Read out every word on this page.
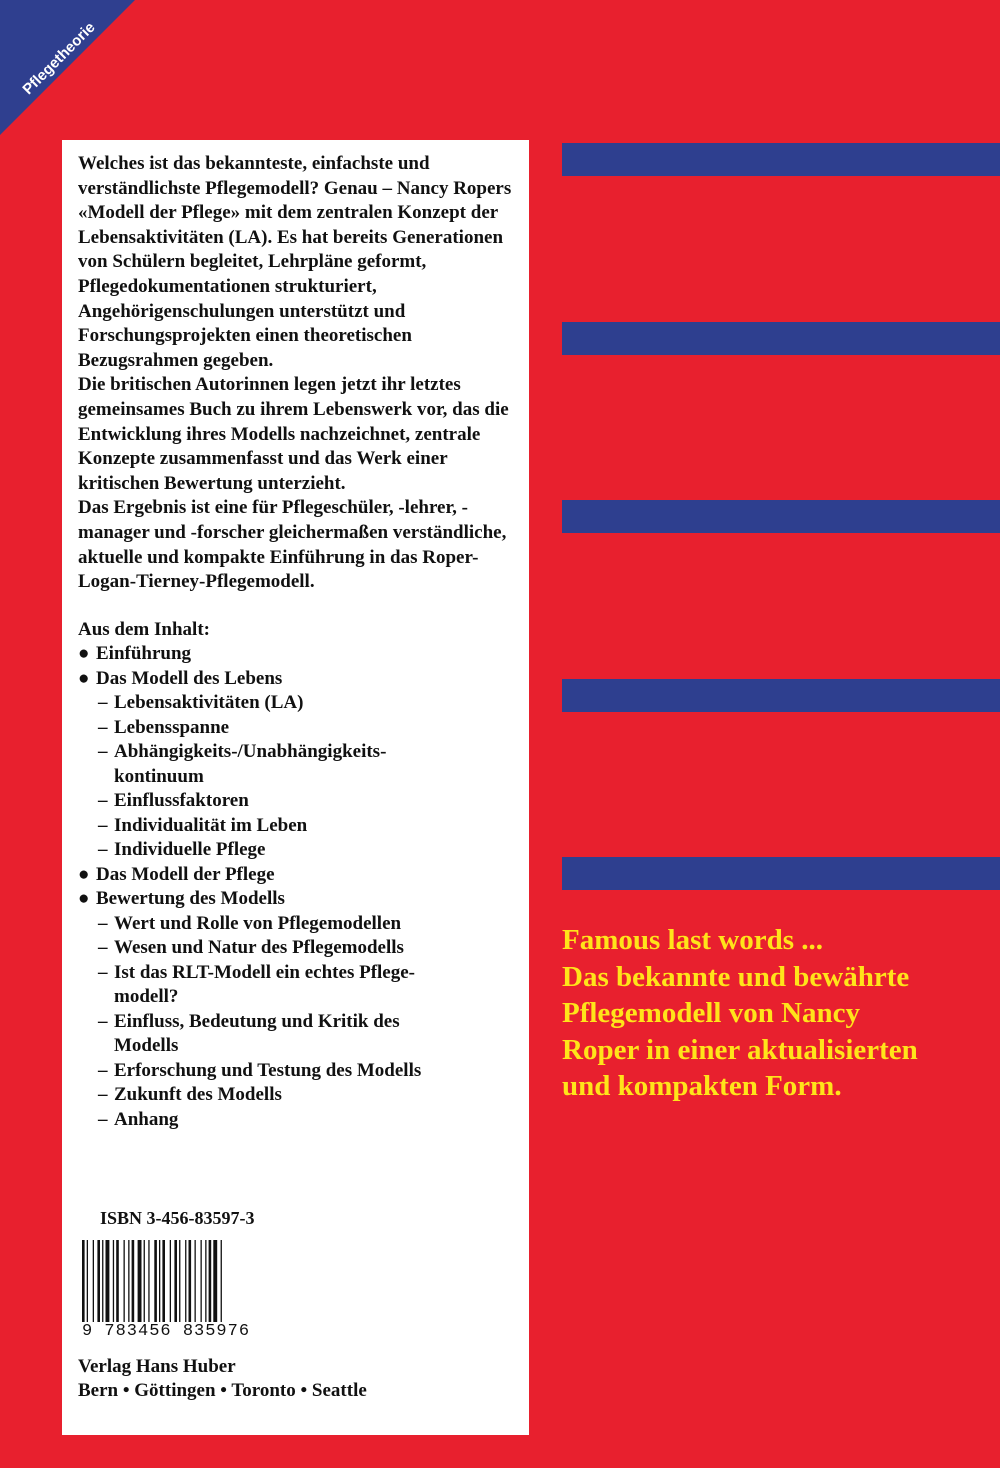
Pflegetheorie

Welches ist das bekannteste, einfachste und verständlichste Pflegemodell? Genau – Nancy Ropers «Modell der Pflege» mit dem zentralen Konzept der Lebensaktivitäten (LA). Es hat bereits Generationen von Schülern begleitet, Lehrpläne geformt, Pflegedokumentationen strukturiert, Angehörigenschulungen unterstützt und Forschungsprojekten einen theoretischen Bezugsrahmen gegeben.

Die britischen Autorinnen legen jetzt ihr letztes gemeinsames Buch zu ihrem Lebenswerk vor, das die Entwicklung ihres Modells nachzeichnet, zentrale Konzepte zusammenfasst und das Werk einer kritischen Bewertung unterzieht.

Das Ergebnis ist eine für Pflegeschüler, -lehrer, -manager und -forscher gleichermaßen verständliche, aktuelle und kompakte Einführung in das Roper-Logan-Tierney-Pflegemodell.

Aus dem Inhalt:
● Einführung
● Das Modell des Lebens
– Lebensaktivitäten (LA)
– Lebensspanne
– Abhängigkeits-/Unabhängigkeits-kontinuum
– Einflussfaktoren
– Individualität im Leben
– Individuelle Pflege
● Das Modell der Pflege
● Bewertung des Modells
– Wert und Rolle von Pflegemodellen
– Wesen und Natur des Pflegemodells
– Ist das RLT-Modell ein echtes Pflege-modell?
– Einfluss, Bedeutung und Kritik des Modells
– Erforschung und Testung des Modells
– Zukunft des Modells
– Anhang
ISBN 3-456-83597-3
9 783456 835976
Verlag Hans Huber
Bern • Göttingen • Toronto • Seattle
Famous last words ...
Das bekannte und bewährte
Pflegemodell von Nancy
Roper in einer aktualisierten
und kompakten Form.
